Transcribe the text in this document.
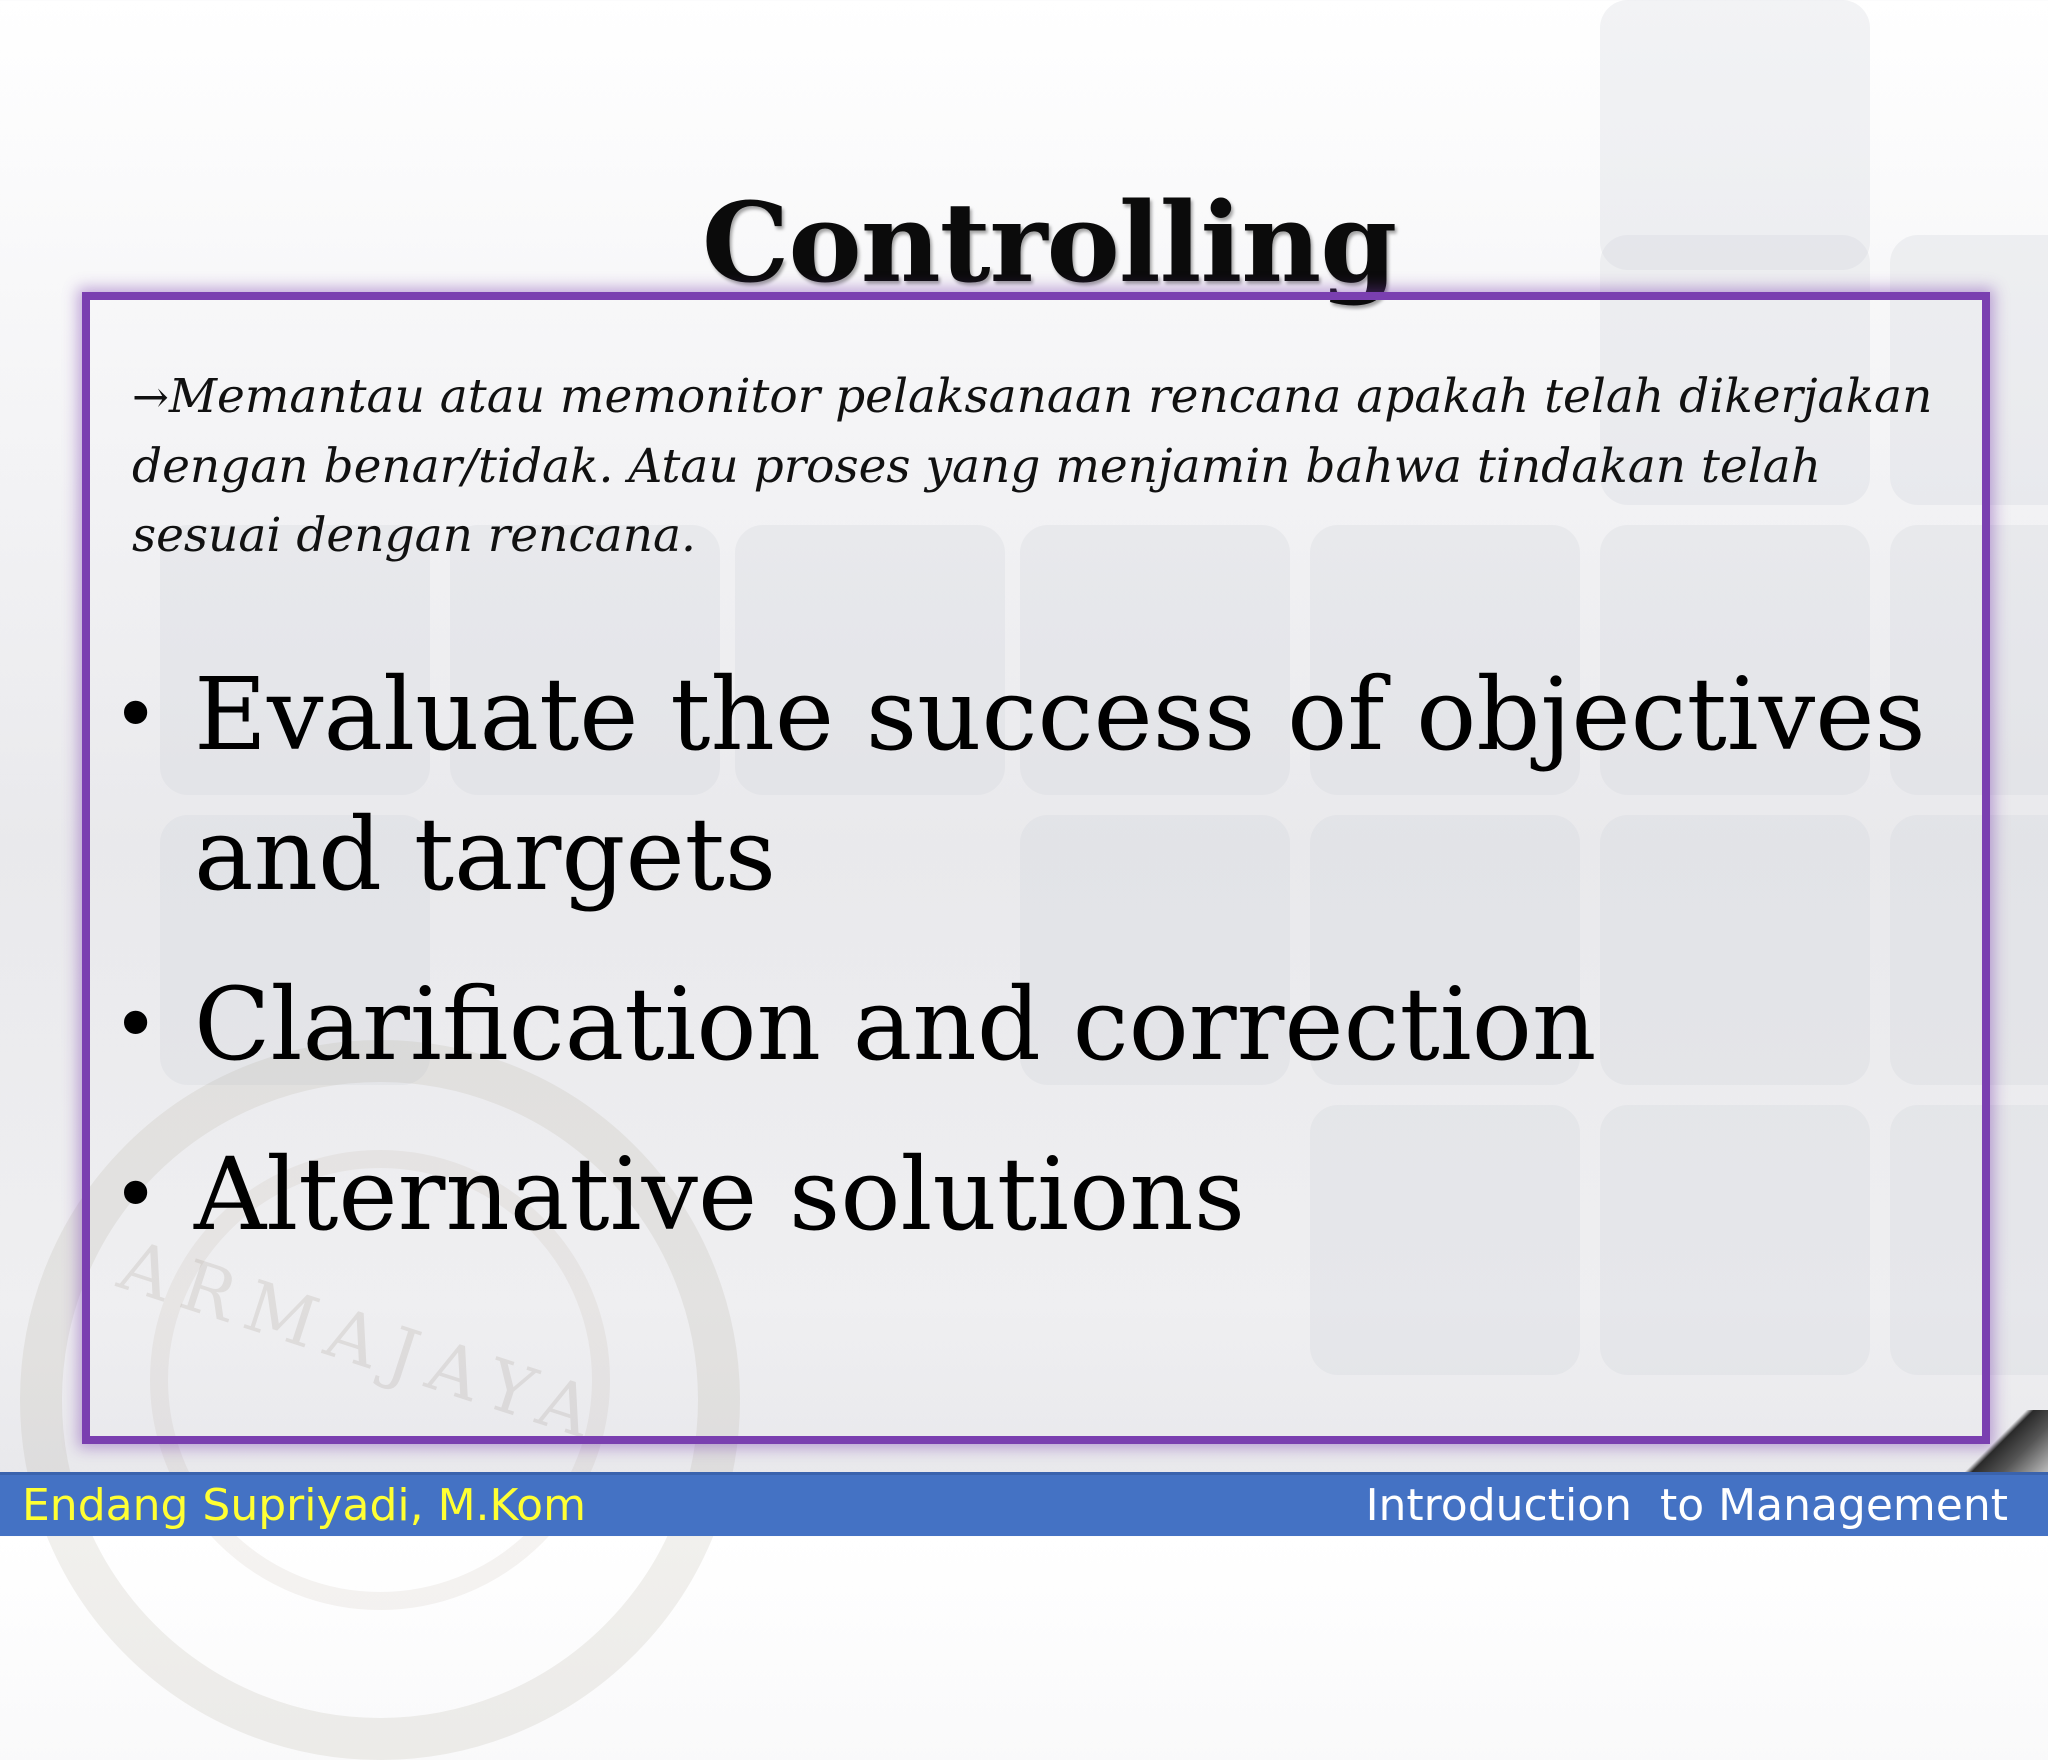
ARMAJAYA
Controlling

→Memantau atau memonitor pelaksanaan rencana apakah telah dikerjakan dengan benar/tidak. Atau proses yang menjamin bahwa tindakan telah sesuai dengan rencana.

• Evaluate the success of objectives and targets
• Clarification and correction
• Alternative solutions
Endang Supriyadi, M.Kom	Introduction  to Management
